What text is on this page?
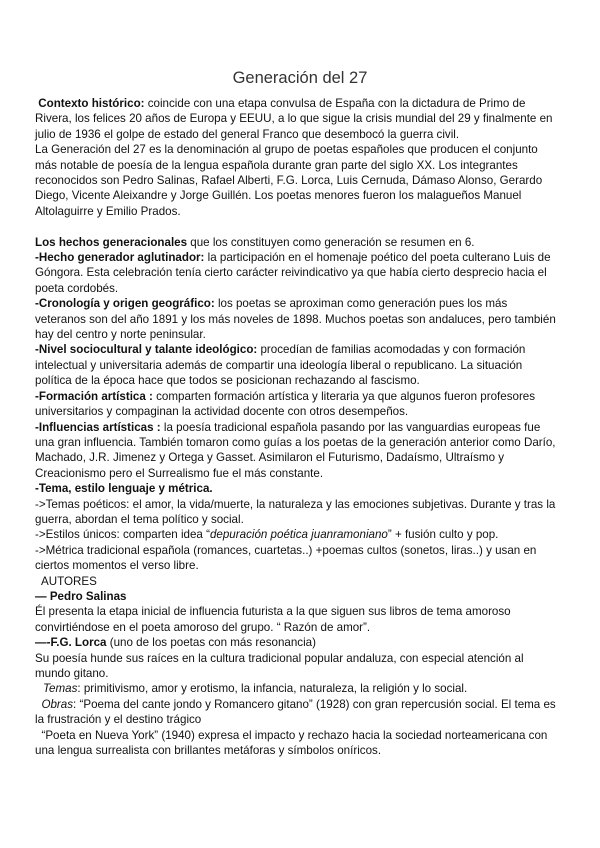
Generación del 27

Contexto histórico: coincide con una etapa convulsa de España con la dictadura de Primo de Rivera, los felices 20 años de Europa y EEUU, a lo que sigue la crisis mundial del 29 y finalmente en julio de 1936 el golpe de estado del general Franco que desembocó la guerra civil.

La Generación del 27 es la denominación al grupo de poetas españoles que producen el conjunto más notable de poesía de la lengua española durante gran parte del siglo XX. Los integrantes reconocidos son Pedro Salinas, Rafael Alberti, F.G. Lorca, Luis Cernuda, Dámaso Alonso, Gerardo Diego, Vicente Aleixandre y Jorge Guillén. Los poetas menores fueron los malagueños Manuel Altolaguirre y Emilio Prados.

Los hechos generacionales que los constituyen como generación se resumen en 6.

-Hecho generador aglutinador: la participación en el homenaje poético del poeta culterano Luis de Góngora. Esta celebración tenía cierto carácter reivindicativo ya que había cierto desprecio hacia el poeta cordobés.

-Cronología y origen geográfico: los poetas se aproximan como generación pues los más veteranos son del año 1891 y los más noveles de 1898. Muchos poetas son andaluces, pero también hay del centro y norte peninsular.

-Nivel sociocultural y talante ideológico: procedían de familias acomodadas y con formación intelectual y universitaria además de compartir una ideología liberal o republicano. La situación política de la época hace que todos se posicionan rechazando al fascismo.

-Formación artística : comparten formación artística y literaria ya que algunos fueron profesores universitarios y compaginan la actividad docente con otros desempeños.

-Influencias artísticas : la poesía tradicional española pasando por las vanguardias europeas fue una gran influencia. También tomaron como guías a los poetas de la generación anterior como Darío, Machado, J.R. Jimenez y Ortega y Gasset. Asimilaron el Futurismo, Dadaísmo, Ultraísmo y Creacionismo pero el Surrealismo fue el más constante.

-Tema, estilo lenguaje y métrica.

->Temas poéticos: el amor, la vida/muerte, la naturaleza y las emociones subjetivas. Durante y tras la guerra, abordan el tema político y social.

->Estilos únicos: comparten idea “depuración poética juanramoniano” + fusión culto y pop.

->Métrica tradicional española (romances, cuartetas..) +poemas cultos (sonetos, liras..) y usan en ciertos momentos el verso libre.

AUTORES

— Pedro Salinas

Él presenta la etapa inicial de influencia futurista a la que siguen sus libros de tema amoroso convirtiéndose en el poeta amoroso del grupo. “ Razón de amor”.

—-F.G. Lorca (uno de los poetas con más resonancia)

Su poesía hunde sus raíces en la cultura tradicional popular andaluza, con especial atención al mundo gitano.

Temas: primitivismo, amor y erotismo, la infancia, naturaleza, la religión y lo social.

Obras: “Poema del cante jondo y Romancero gitano” (1928) con gran repercusión social. El tema es la frustración y el destino trágico

“Poeta en Nueva York” (1940) expresa el impacto y rechazo hacia la sociedad norteamericana con una lengua surrealista con brillantes metáforas y símbolos oníricos.
